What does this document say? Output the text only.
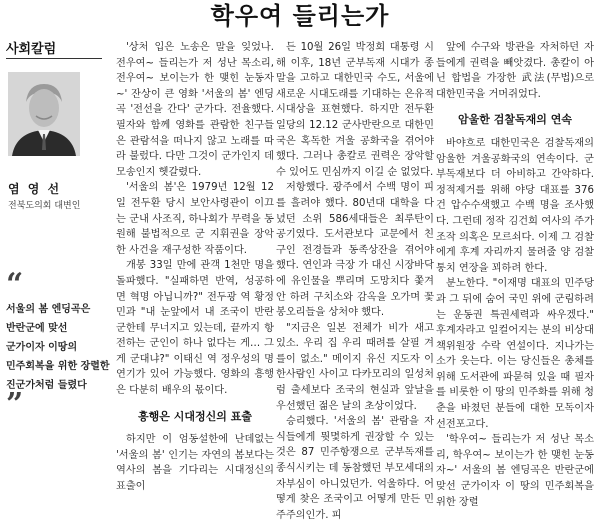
학우여 들리는가
사회칼럼
염 영 선
전북도의회 대변인
“
서울의 봄 엔딩곡은
반란군에 맞선
군가이자 이땅의
민주회복을 위한 장렬한
진군가처럼 들렸다
”

'상처 입은 노송은 말을 잊었나. 전우여~ 들리는가 저 성난 목소리, 전우여~ 보이는가 한 맺힌 눈동자~' 잔상이 큰 영화 '서울의 봄' 엔딩곡 '전선을 간다' 군가다. 전율했다. 필자와 함께 영화를 관람한 친구들은 관람석을 떠나지 않고 노래를 따라 불렀다. 다만 그것이 군가인지 데모송인지 헷갈렸다.

'서울의 봄'은 1979년 12월 12일 전두환 당시 보안사령관이 이끄는 군내 사조직, 하나회가 무력을 동원해 불법적으로 군 지휘권을 장악한 사건을 재구성한 작품이다.

개봉 33일 만에 관객 1천만 명을 돌파했다. "실패하면 반역, 성공하면 혁명 아닙니까?" 전두광 역 황정민과 "내 눈앞에서 내 조국이 반란군한테 무너지고 있는데, 끝까지 항전하는 군인이 하나 없다는 게… 그게 군대냐?" 이태신 역 정우성의 명연기가 있어 가능했다. 영화의 흥행은 다분히 배우의 몫이다.

흥행은 시대정신의 표출

하지만 이 엄동설한에 난데없는 '서울의 봄' 인기는 자연의 봄보다는 역사의 봄을 기다리는 시대정신의 표출이

든 10월 26일 박정희 대통령 시해 이후, 18년 군부독재 시대가 종말을 고하고 대한민국 수도, 서울에 새로운 시대도래를 기대하는 은유적 시대상을 표현했다. 하지만 전두환 일당의 12.12 군사반란으로 대한민국은 혹독한 겨울 공화국을 겪어야 했다. 그러나 총칼로 권력은 장악할 수 있어도 민심까지 이길 순 없었다.

저항했다. 광주에서 수백 명이 피를 흘려야 했다. 80년대 대학을 다녔던 소위 586세대들은 최루탄이 공기였다. 도서관보다 교문에서 친구인 전경들과 동족상잔을 겪어야 했다. 연인과 극장 가 대신 시장바닥에 유인물을 뿌리며 도망치다 쫓겨 안 하려 구치소와 감옥을 오가며 꽃봉오리들을 상처야 했다.

"지금은 일본 전체가 비가 새고 있소. 우리 집 우리 때려를 살필 겨를이 없소." 메이지 유신 지도자 이 한사람인 사이고 다카모리의 일성처럼 출세보다 조국의 현실과 앞날을 우선했던 젊은 날의 초상이었다.

승리했다. '서울의 봄' 관람을 자식들에게 뭣몇하게 권장할 수 있는 것은 87 민주항쟁으로 군부독재를 종식시키는 데 동참했던 부모세대의 자부심이 아니었던가. 억울하다. 어떻게 찾은 조국이고 어떻게 만든 민주주의인가. 피

앞에 수구와 방관을 자처하던 자들에게 권력을 빼앗겼다. 총칼이 아닌 합법을 가장한 武法(무법)으로 대한민국을 거머쥐었다.

암울한 검찰독재의 연속

바야흐로 대한민국은 검찰독재의 암울한 겨울공화국의 연속이다. 군부독재보다 더 아비하고 간악하다. 정적제거를 위해 야당 대표를 376건 압수수색했고 수백 명을 조사했다. 그런데 정작 김건희 여사의 주가조작 의혹은 모르쇠다. 이제 그 검찰에게 후계 자리까지 물려줄 양 검찰통치 연장을 꾀하려 한다.

분노한다. "이재명 대표의 민주당과 그 뒤에 숨어 국민 위에 군림하려는 운동권 특권세력과 싸우겠다." 후계자라고 일컬어지는 분의 비상대책위원장 수락 연설이다. 지나가는 소가 웃는다. 이는 당신들은 총체를 위해 도서관에 파묻혀 있을 때 필자를 비롯한 이 땅의 민주화를 위해 청춘을 바쳤던 분들에 대한 모독이자 선전포고다.

'학우여~ 들리는가 저 성난 목소리, 학우여~ 보이는가 한 맺힌 눈동자~' 서울의 봄 엔딩곡은 반란군에 맞선 군가이자 이 땅의 민주회복을 위한 장렬
